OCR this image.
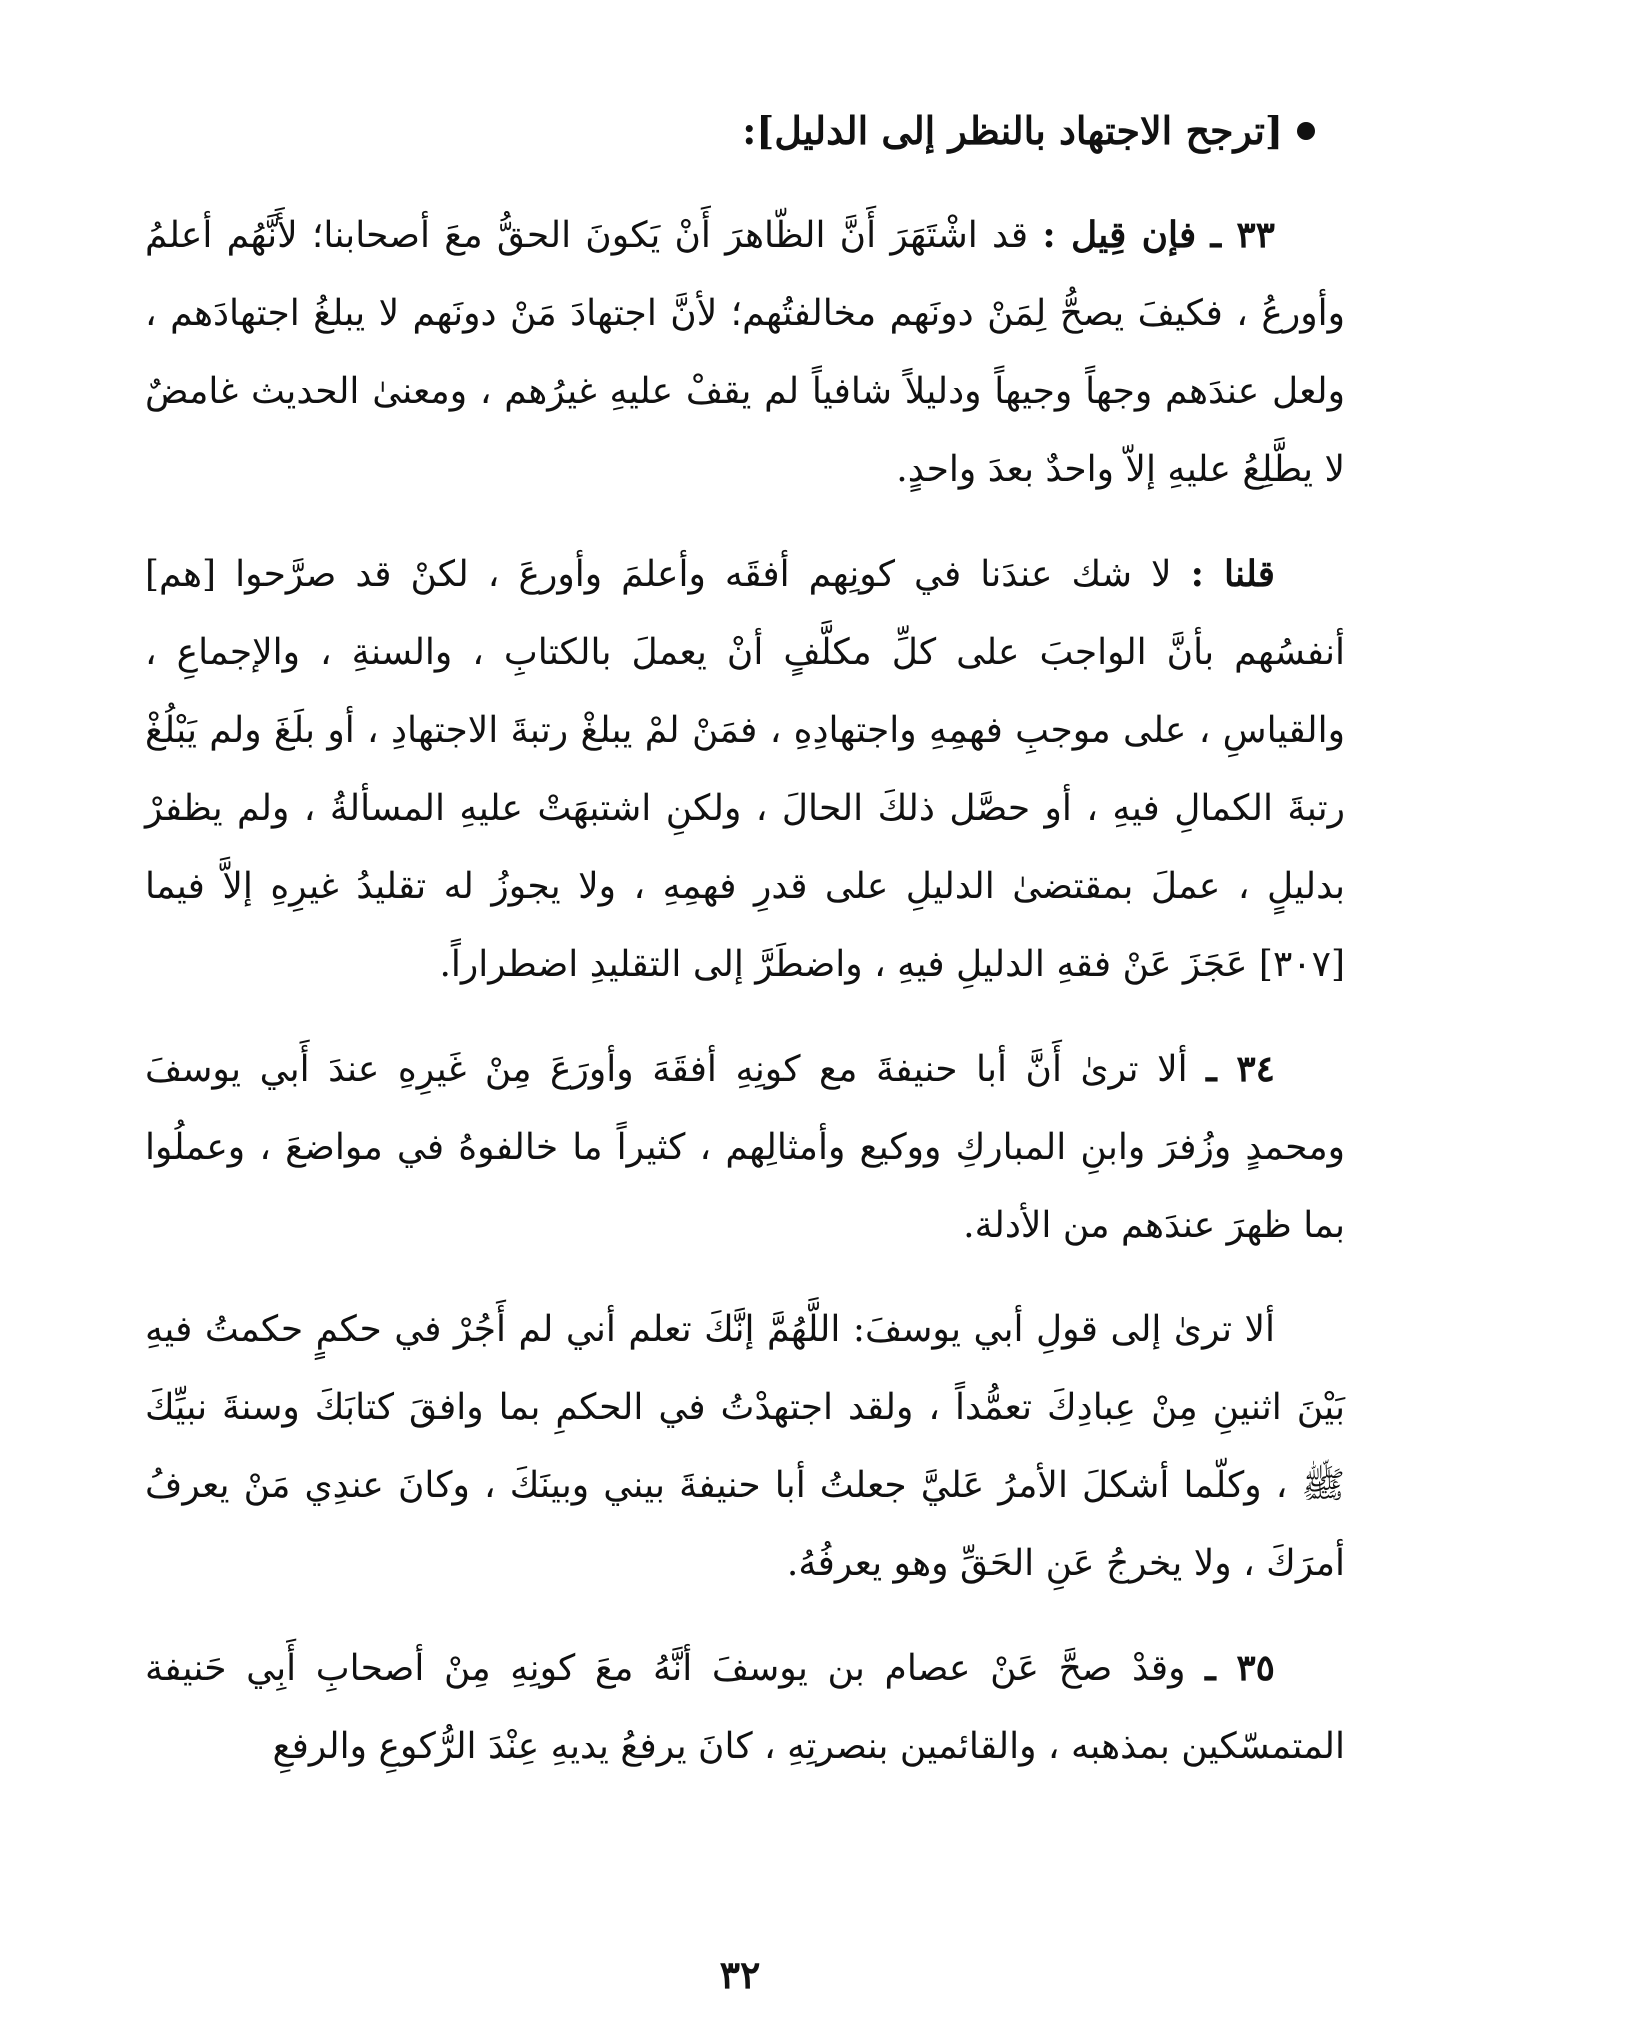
[ترجح الاجتهاد بالنظر إلى الدليل]:

٣٣ ـ فإن قِيل : قد اشْتَهَرَ أَنَّ الظّاهرَ أَنْ يَكونَ الحقُّ معَ أصحابنا؛ لأَنَّهُم أعلمُ وأورعُ ، فكيفَ يصحُّ لِمَنْ دونَهم مخالفتُهم؛ لأنَّ اجتهادَ مَنْ دونَهم لا يبلغُ اجتهادَهم ، ولعل عندَهم وجهاً وجيهاً ودليلاً شافياً لم يقفْ عليهِ غيرُهم ، ومعنىٰ الحديث غامضٌ لا يطَّلِعُ عليهِ إلاّ واحدٌ بعدَ واحدٍ.

قلنا : لا شك عندَنا في كونِهم أفقَه وأعلمَ وأورعَ ، لكنْ قد صرَّحوا [هم] أنفسُهم بأنَّ الواجبَ على كلِّ مكلَّفٍ أنْ يعملَ بالكتابِ ، والسنةِ ، والإجماعِ ، والقياسِ ، على موجبِ فهمِهِ واجتهادِهِ ، فمَنْ لمْ يبلغْ رتبةَ الاجتهادِ ، أو بلَغَ ولم يَبْلُغْ رتبةَ الكمالِ فيهِ ، أو حصَّل ذلكَ الحالَ ، ولكنِ اشتبهَتْ عليهِ المسألةُ ، ولم يظفرْ بدليلٍ ، عملَ بمقتضىٰ الدليلِ على قدرِ فهمِهِ ، ولا يجوزُ له تقليدُ غيرِهِ إلاَّ فيما [٣٠٧] عَجَزَ عَنْ فقهِ الدليلِ فيهِ ، واضطَرَّ إلى التقليدِ اضطراراً.

٣٤ ـ ألا ترىٰ أَنَّ أبا حنيفةَ مع كونِهِ أفقَهَ وأورَعَ مِنْ غَيرِهِ عندَ أَبي يوسفَ ومحمدٍ وزُفرَ وابنِ المباركِ ووكيع وأمثالِهم ، كثيراً ما خالفوهُ في مواضعَ ، وعملُوا بما ظهرَ عندَهم من الأدلة.

ألا ترىٰ إلى قولِ أبي يوسفَ: اللَّهُمَّ إنَّكَ تعلم أني لم أَجُرْ في حكمٍ حكمتُ فيهِ بَيْنَ اثنينِ مِنْ عِبادِكَ تعمُّداً ، ولقد اجتهدْتُ في الحكمِ بما وافقَ كتابَكَ وسنةَ نبيِّكَ ﷺ ، وكلّما أشكلَ الأمرُ عَليَّ جعلتُ أبا حنيفةَ بيني وبينَكَ ، وكانَ عندِي مَنْ يعرفُ أمرَكَ ، ولا يخرجُ عَنِ الحَقِّ وهو يعرفُهُ.

٣٥ ـ وقدْ صحَّ عَنْ عصام بن يوسفَ أنَّهُ معَ كونِهِ مِنْ أصحابِ أَبِي حَنيفة المتمسّكين بمذهبه ، والقائمين بنصرتِهِ ، كانَ يرفعُ يديهِ عِنْدَ الرُّكوعِ والرفعِ

٣٢
